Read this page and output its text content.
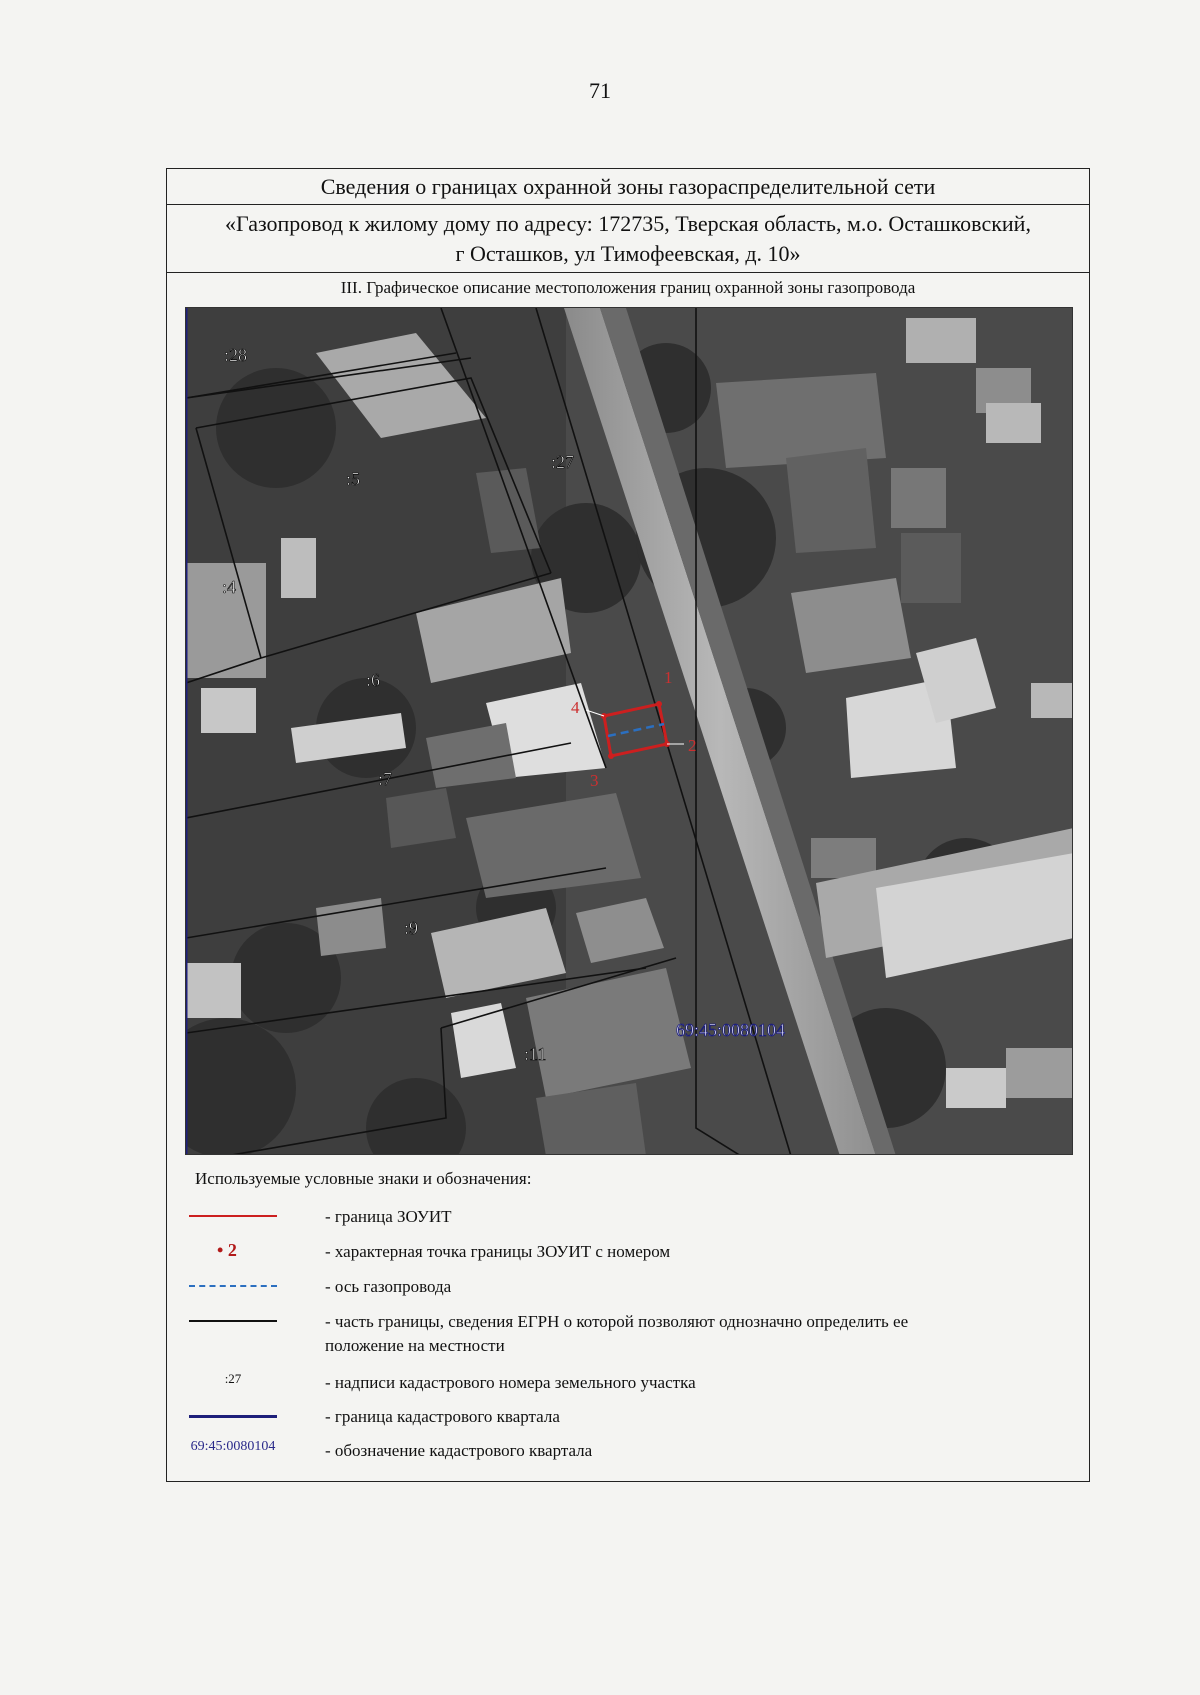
71
Сведения о границах охранной зоны газораспределительной сети
«Газопровод к жилому дому по адресу: 172735, Тверская область, м.о. Осташковский,
г Осташков, ул Тимофеевская, д. 10»
III. Графическое описание местоположения границ охранной зоны газопровода
1
2
3
4
:28
:5
:27
:4
:6
:7
:9
:11
69:45:0080104
Используемые условные знаки и обозначения:
- граница ЗОУИТ
• 2	- характерная точка границы ЗОУИТ с номером
- ось газопровода
- часть границы, сведения ЕГРН о которой позволяют однозначно определить ее
положение на местности
:27	- надписи кадастрового номера земельного участка
- граница кадастрового квартала
69:45:0080104	- обозначение кадастрового квартала
